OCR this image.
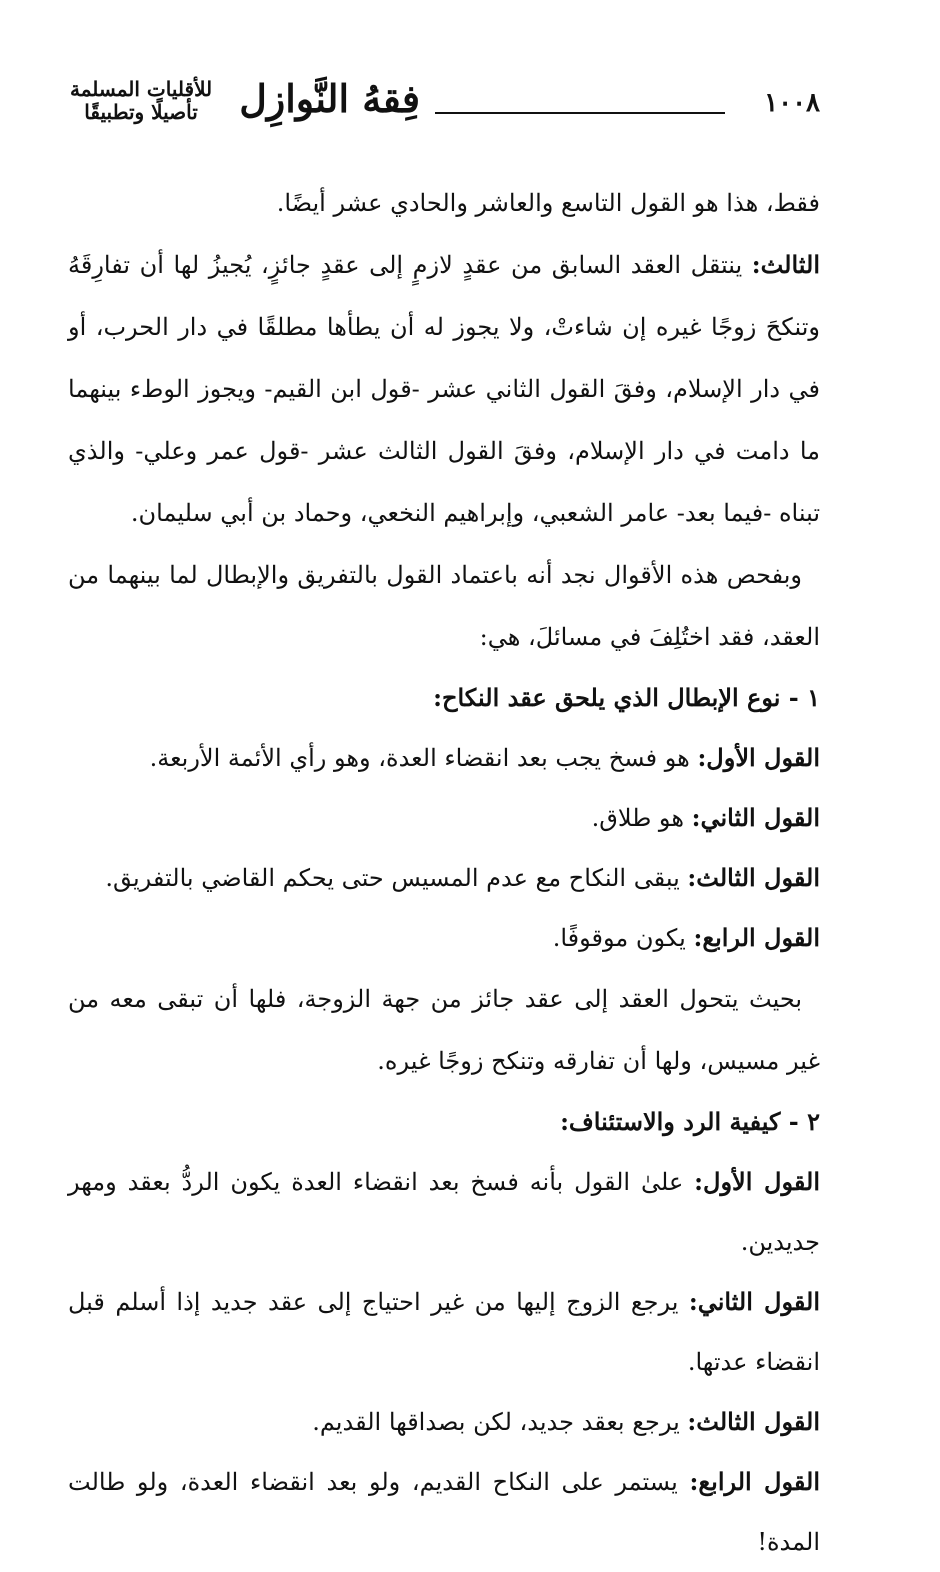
١٠٠٨
فِقهُ النَّوازِل
للأقليات المسلمة
تأصيلًا وتطبيقًا

فقط، هذا هو القول التاسع والعاشر والحادي عشر أيضًا.

الثالث: ينتقل العقد السابق من عقدٍ لازمٍ إلى عقدٍ جائزٍ، يُجيزُ لها أن تفارِقَهُ وتنكحَ زوجًا غيره إن شاءتْ، ولا يجوز له أن يطأها مطلقًا في دار الحرب، أو في دار الإسلام، وفقَ القول الثاني عشر -قول ابن القيم- ويجوز الوطء بينهما ما دامت في دار الإسلام، وفقَ القول الثالث عشر -قول عمر وعلي- والذي تبناه -فيما بعد- عامر الشعبي، وإبراهيم النخعي، وحماد بن أبي سليمان.

وبفحص هذه الأقوال نجد أنه باعتماد القول بالتفريق والإبطال لما بينهما من العقد، فقد اختُلِفَ في مسائلَ، هي:

١ - نوع الإبطال الذي يلحق عقد النكاح:

القول الأول: هو فسخ يجب بعد انقضاء العدة، وهو رأي الأئمة الأربعة.

القول الثاني: هو طلاق.

القول الثالث: يبقى النكاح مع عدم المسيس حتى يحكم القاضي بالتفريق.

القول الرابع: يكون موقوفًا.

بحيث يتحول العقد إلى عقد جائز من جهة الزوجة، فلها أن تبقى معه من غير مسيس، ولها أن تفارقه وتنكح زوجًا غيره.

٢ - كيفية الرد والاستئناف:

القول الأول: علىٰ القول بأنه فسخ بعد انقضاء العدة يكون الردُّ بعقد ومهر جديدين.

القول الثاني: يرجع الزوج إليها من غير احتياج إلى عقد جديد إذا أسلم قبل انقضاء عدتها.

القول الثالث: يرجع بعقد جديد، لكن بصداقها القديم.

القول الرابع: يستمر على النكاح القديم، ولو بعد انقضاء العدة، ولو طالت المدة!
